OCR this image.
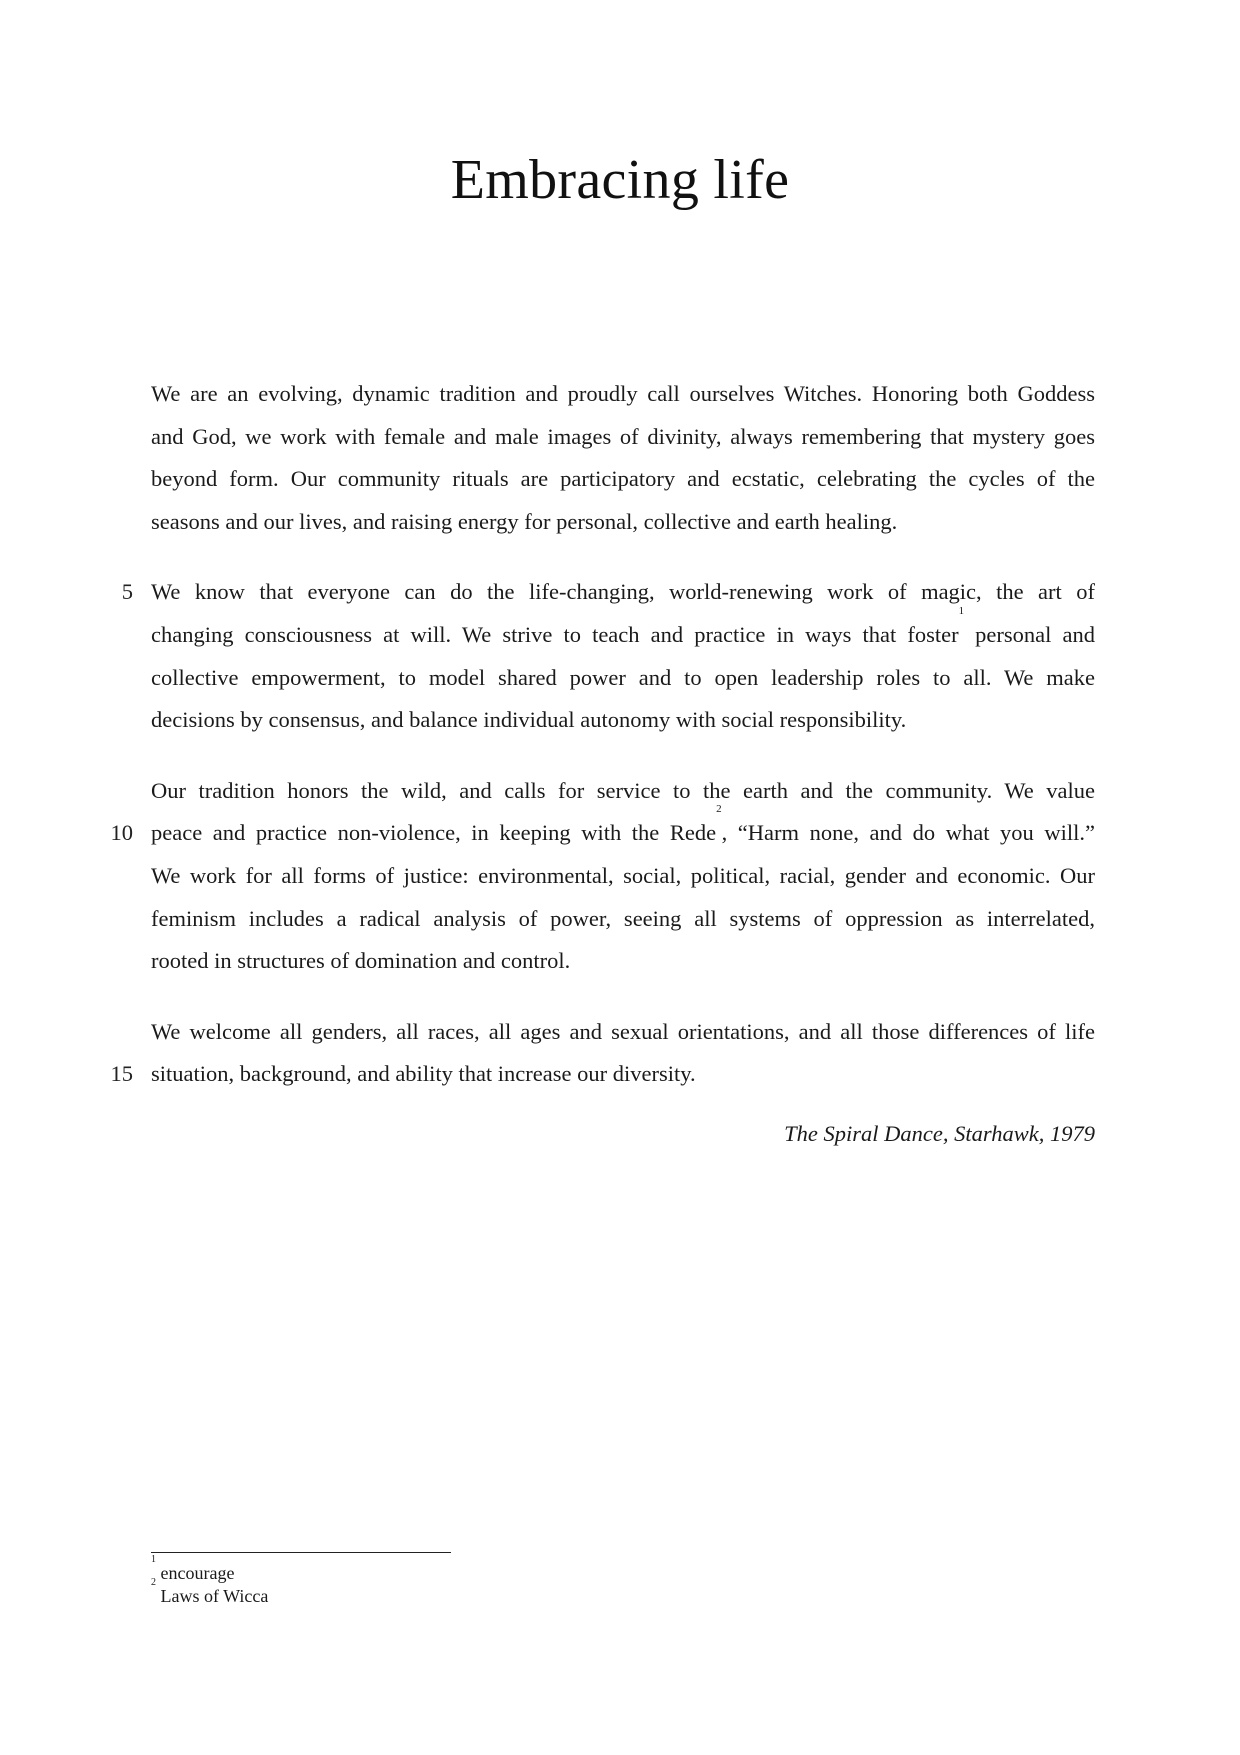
Embracing life
We are an evolving, dynamic tradition and proudly call ourselves Witches. Honoring both Goddess
and God, we work with female and male images of divinity, always remembering that mystery goes
beyond form. Our community rituals are participatory and ecstatic, celebrating the cycles of the
seasons and our lives, and raising energy for personal, collective and earth healing.
5 We know that everyone can do the life-changing, world-renewing work of magic, the art of
changing consciousness at will. We strive to teach and practice in ways that foster$^1$ personal and
collective empowerment, to model shared power and to open leadership roles to all. We make
decisions by consensus, and balance individual autonomy with social responsibility.
Our tradition honors the wild, and calls for service to the earth and the community. We value
10 peace and practice non-violence, in keeping with the Rede$^2$, “Harm none, and do what you will.”
We work for all forms of justice: environmental, social, political, racial, gender and economic. Our
feminism includes a radical analysis of power, seeing all systems of oppression as interrelated,
rooted in structures of domination and control.
We welcome all genders, all races, all ages and sexual orientations, and all those differences of life
15 situation, background, and ability that increase our diversity.
The Spiral Dance, Starhawk, 1979
$^1$ encourage
$^2$ Laws of Wicca
